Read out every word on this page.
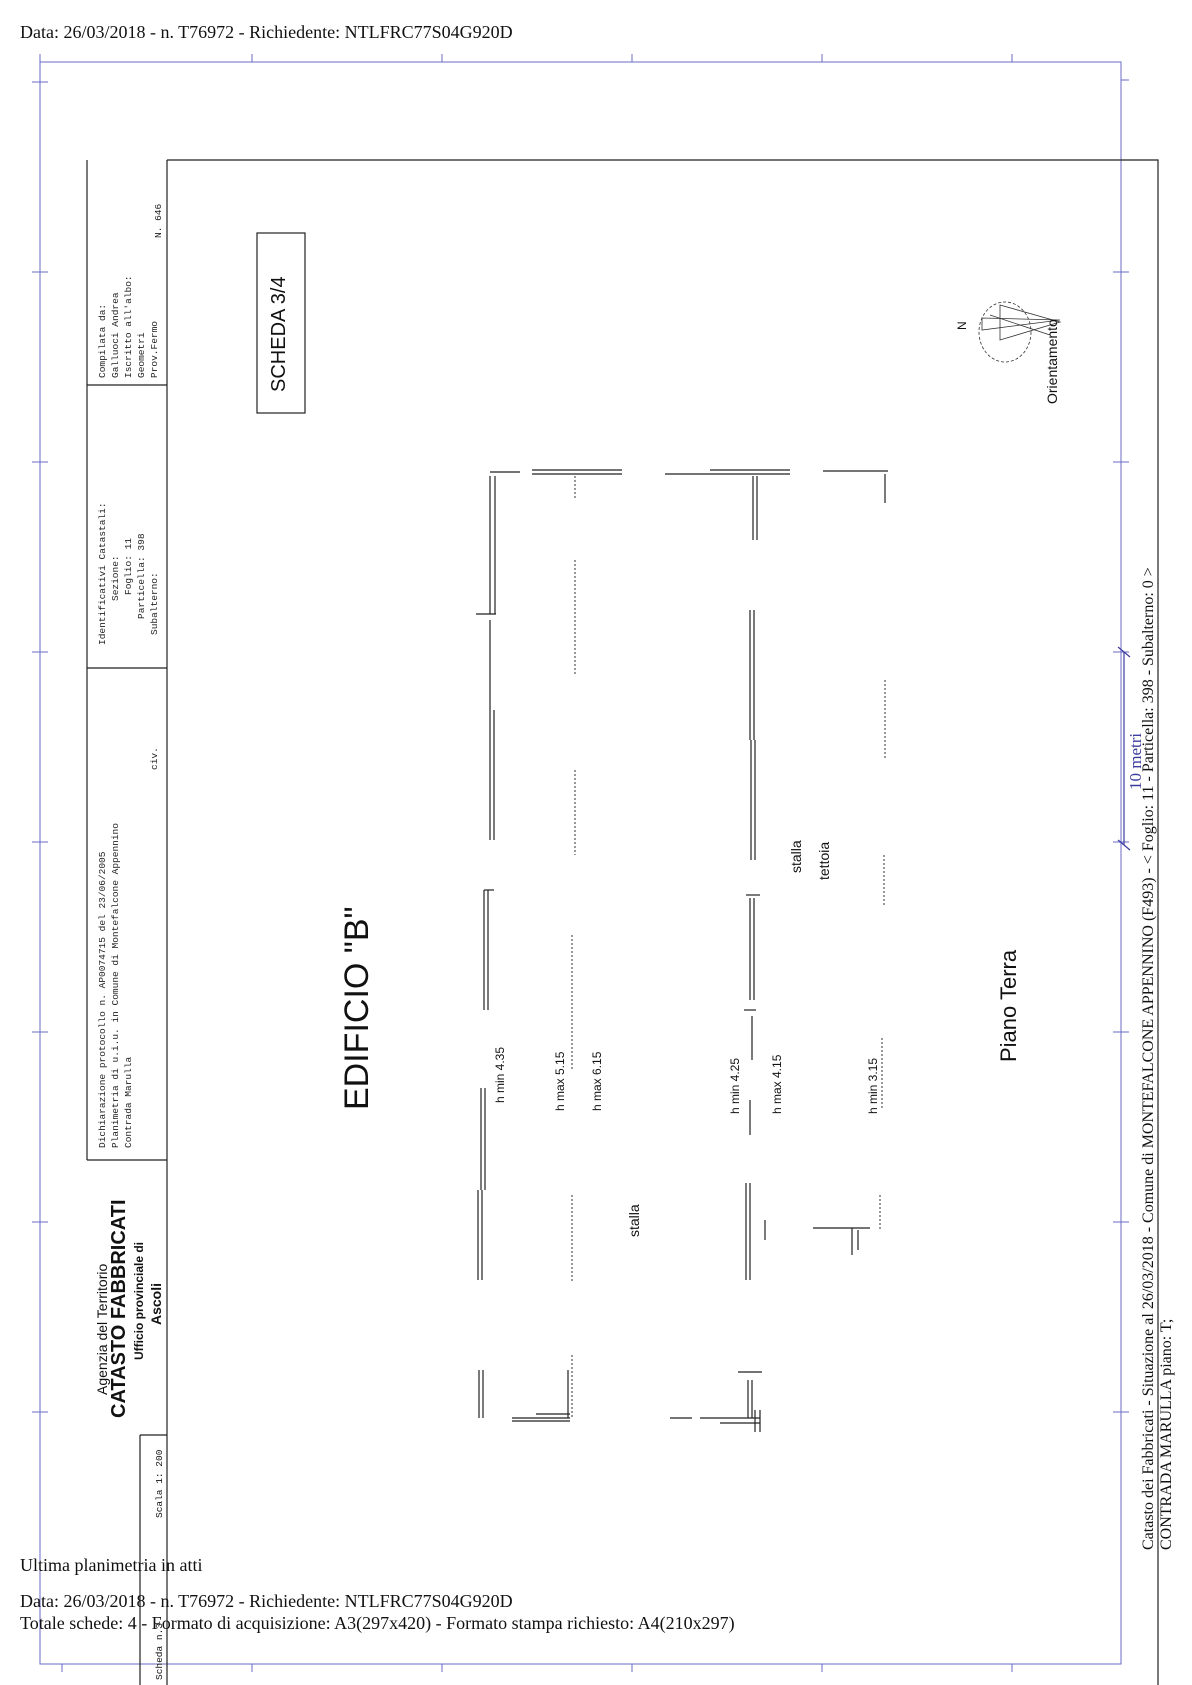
Data: 26/03/2018 - n. T76972 - Richiedente: NTLFRC77S04G920D
Agenzia del Territorio
CATASTO FABBRICATI Ufficio provinciale di Ascoli
Dichiarazione protocollo n. AP0074715 del 23/06/2005 Planimetria di u.i.u. in Comune di Montefalcone Appennino Contrada Marulla
civ.
Identificativi Catastali: Sezione: Foglio: 11 Particella: 398 Subalterno:
Compilata da: Galluoci Andrea Iscritto all'albo: Geometri Prov.Fermo
N. 646
Scheda n.3
Scala 1: 200
SCHEDA 3/4
EDIFICIO "B"	Piano Terra
Orientamento
N
10 metri
stalla
stalla tettoia
h min 4.35	h max 5.15 h max 6.15	h min 4.25 h max 4.15	h min 3.15	Catasto dei Fabbricati - Situazione al 26/03/2018 - Comune di MONTEFALCONE APPENNINO (F493) - < Foglio: 11 - Particella: 398 - Subalterno: 0 > CONTRADA MARULLA piano: T;
Ultima planimetria in atti
Data: 26/03/2018 - n. T76972 - Richiedente: NTLFRC77S04G920D
Totale schede: 4 - Formato di acquisizione: A3(297x420) - Formato stampa richiesto: A4(210x297)
